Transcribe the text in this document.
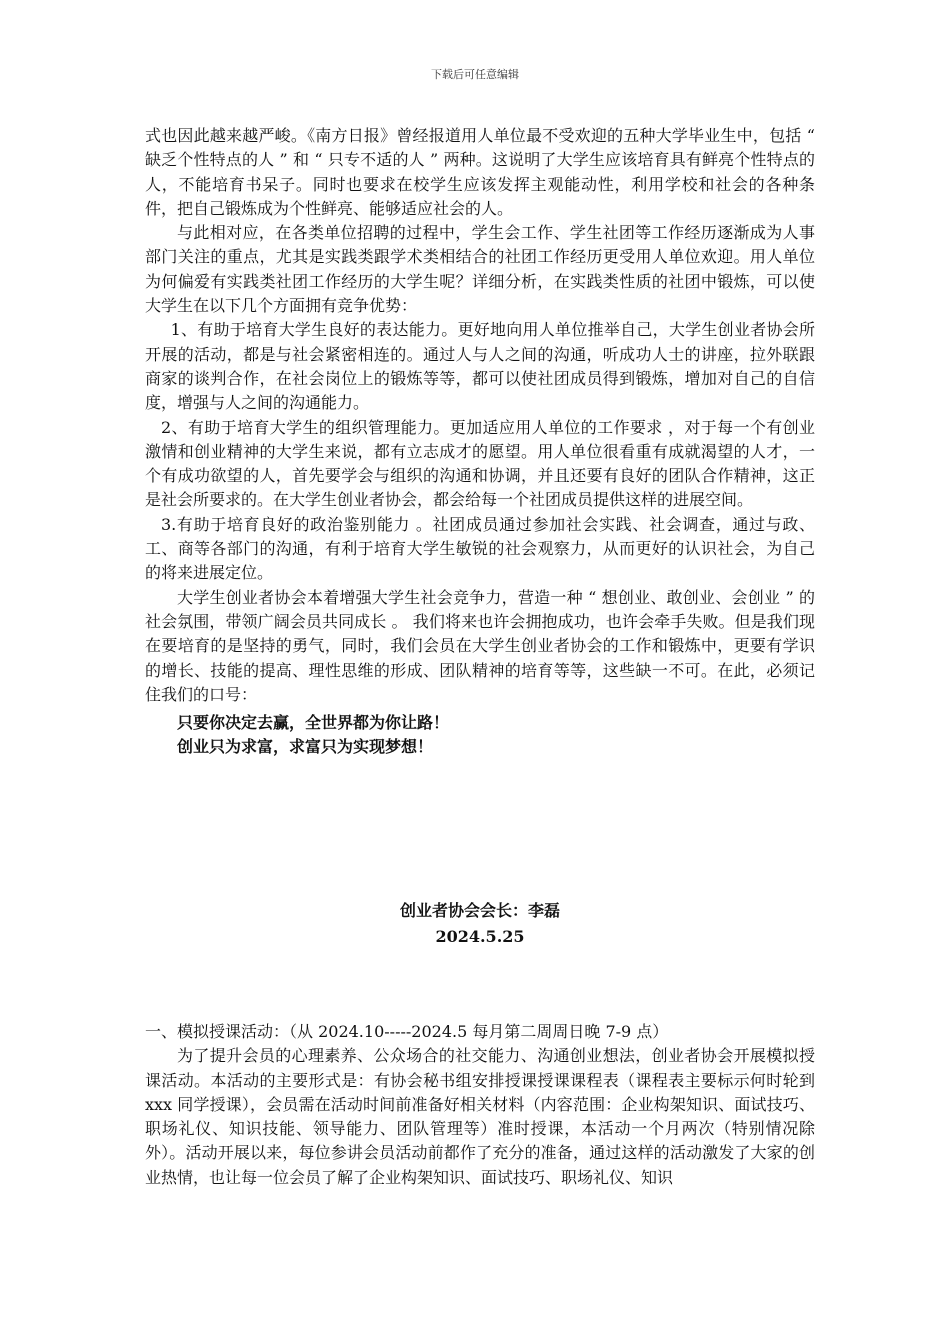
下载后可任意编辑

式也因此越来越严峻。《南方日报》曾经报道用人单位最不受欢迎的五种大学毕业生中，包括 “ 缺乏个性特点的人 ” 和 “ 只专不适的人 ” 两种。这说明了大学生应该培育具有鲜亮个性特点的人，不能培育书呆子。同时也要求在校学生应该发挥主观能动性，利用学校和社会的各种条件，把自己锻炼成为个性鲜亮、能够适应社会的人。

与此相对应，在各类单位招聘的过程中，学生会工作、学生社团等工作经历逐渐成为人事部门关注的重点，尤其是实践类跟学术类相结合的社团工作经历更受用人单位欢迎。用人单位为何偏爱有实践类社团工作经历的大学生呢？详细分析，在实践类性质的社团中锻炼，可以使大学生在以下几个方面拥有竞争优势：

1、有助于培育大学生良好的表达能力。更好地向用人单位推举自己，大学生创业者协会所开展的活动，都是与社会紧密相连的。通过人与人之间的沟通，听成功人士的讲座，拉外联跟商家的谈判合作，在社会岗位上的锻炼等等，都可以使社团成员得到锻炼，增加对自己的自信度，增强与人之间的沟通能力。

2、有助于培育大学生的组织管理能力。更加适应用人单位的工作要求 ，对于每一个有创业激情和创业精神的大学生来说，都有立志成才的愿望。用人单位很看重有成就渴望的人才，一个有成功欲望的人，首先要学会与组织的沟通和协调，并且还要有良好的团队合作精神，这正是社会所要求的。在大学生创业者协会，都会给每一个社团成员提供这样的进展空间。

3.有助于培育良好的政治鉴别能力 。社团成员通过参加社会实践、社会调查，通过与政、工、商等各部门的沟通，有利于培育大学生敏锐的社会观察力，从而更好的认识社会，为自己的将来进展定位。

大学生创业者协会本着增强大学生社会竞争力，营造一种 “ 想创业、敢创业、会创业 ” 的社会氛围，带领广阔会员共同成长 。 我们将来也许会拥抱成功，也许会牵手失败。但是我们现在要培育的是坚持的勇气，同时，我们会员在大学生创业者协会的工作和锻炼中，更要有学识的增长、技能的提高、理性思维的形成、团队精神的培育等等，这些缺一不可。在此，必须记住我们的口号：

只要你决定去赢，全世界都为你让路！

创业只为求富，求富只为实现梦想！

创业者协会会长：李磊
2024.5.25

一、模拟授课活动：（从 2024.10-----2024.5 每月第二周周日晚 7-9 点）

为了提升会员的心理素养、公众场合的社交能力、沟通创业想法，创业者协会开展模拟授课活动。本活动的主要形式是：有协会秘书组安排授课授课课程表（课程表主要标示何时轮到 xxx 同学授课），会员需在活动时间前准备好相关材料（内容范围：企业构架知识、面试技巧、职场礼仪、知识技能、领导能力、团队管理等）准时授课，本活动一个月两次（特别情况除外）。活动开展以来，每位参讲会员活动前都作了充分的准备，通过这样的活动激发了大家的创业热情，也让每一位会员了解了企业构架知识、面试技巧、职场礼仪、知识
